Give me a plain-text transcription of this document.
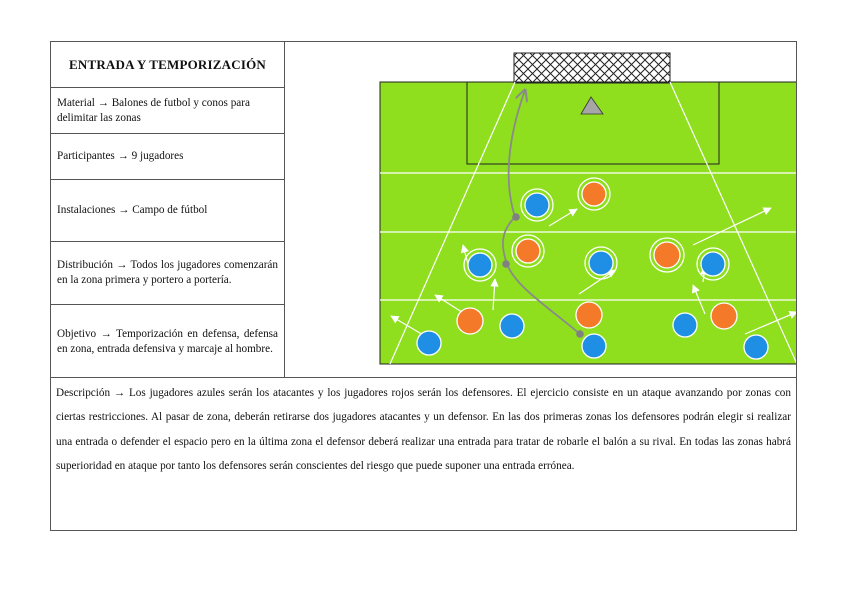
ENTRADA Y TEMPORIZACIÓN
Material → Balones de futbol y conos para delimitar las zonas
Participantes → 9 jugadores
Instalaciones → Campo de fútbol
Distribución → Todos los jugadores comenzarán en la zona primera y portero a portería.
Objetivo → Temporización en defensa, defensa en zona, entrada defensiva y marcaje al hombre.
Descripción → Los jugadores azules serán los atacantes y los jugadores rojos serán los defensores. El ejercicio consiste en un ataque avanzando por zonas con ciertas restricciones. Al pasar de zona, deberán retirarse dos jugadores atacantes y un defensor. En las dos primeras zonas los defensores podrán elegir si realizar una entrada o defender el espacio pero en la última zona el defensor deberá realizar una entrada para tratar de robarle el balón a su rival. En todas las zonas habrá superioridad en ataque por tanto los defensores serán conscientes del riesgo que puede suponer una entrada errónea.
